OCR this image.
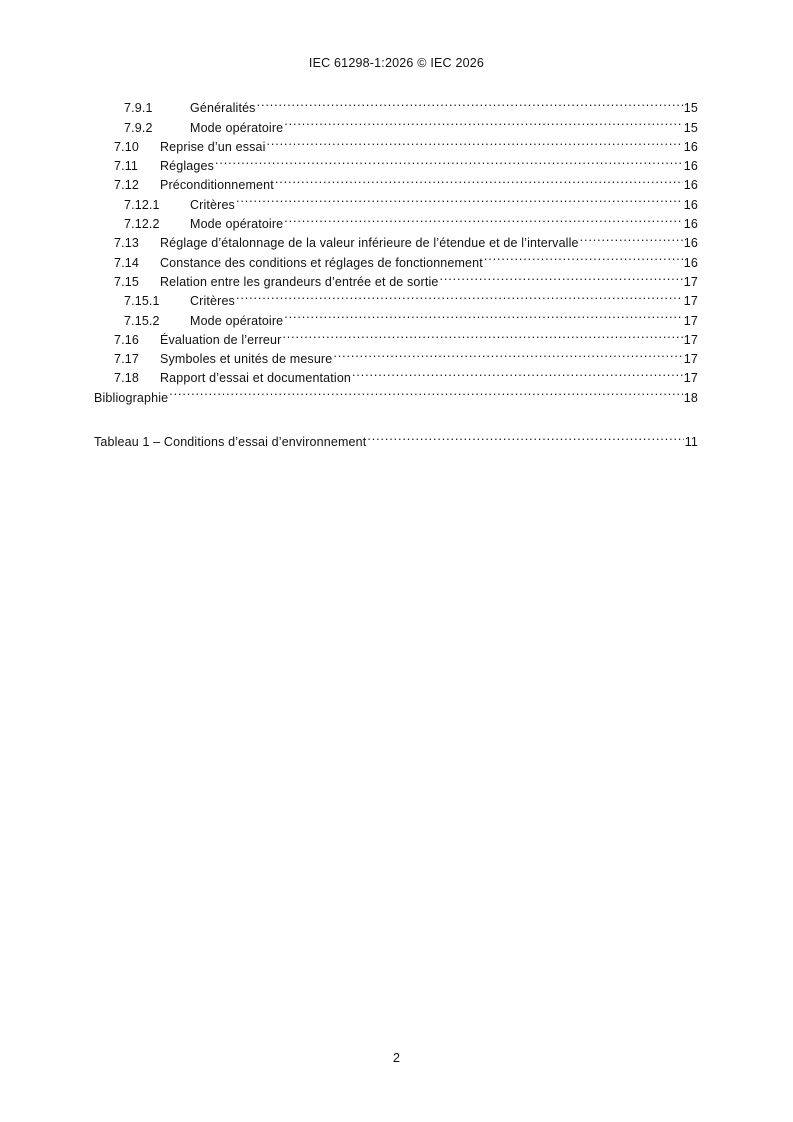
IEC 61298-1:2026 © IEC 2026
7.9.1	Généralités .....	15
7.9.2	Mode opératoire .....	15
7.10	Reprise d’un essai .....	16
7.11	Réglages .....	16
7.12	Préconditionnement .....	16
7.12.1	Critères .....	16
7.12.2	Mode opératoire .....	16
7.13	Réglage d’étalonnage de la valeur inférieure de l’étendue et de l’intervalle .....	16
7.14	Constance des conditions et réglages de fonctionnement .....	16
7.15	Relation entre les grandeurs d’entrée et de sortie .....	17
7.15.1	Critères .....	17
7.15.2	Mode opératoire .....	17
7.16	Évaluation de l’erreur .....	17
7.17	Symboles et unités de mesure .....	17
7.18	Rapport d’essai et documentation .....	17
Bibliographie .....	18
Tableau 1 – Conditions d’essai d’environnement .....	11
2
